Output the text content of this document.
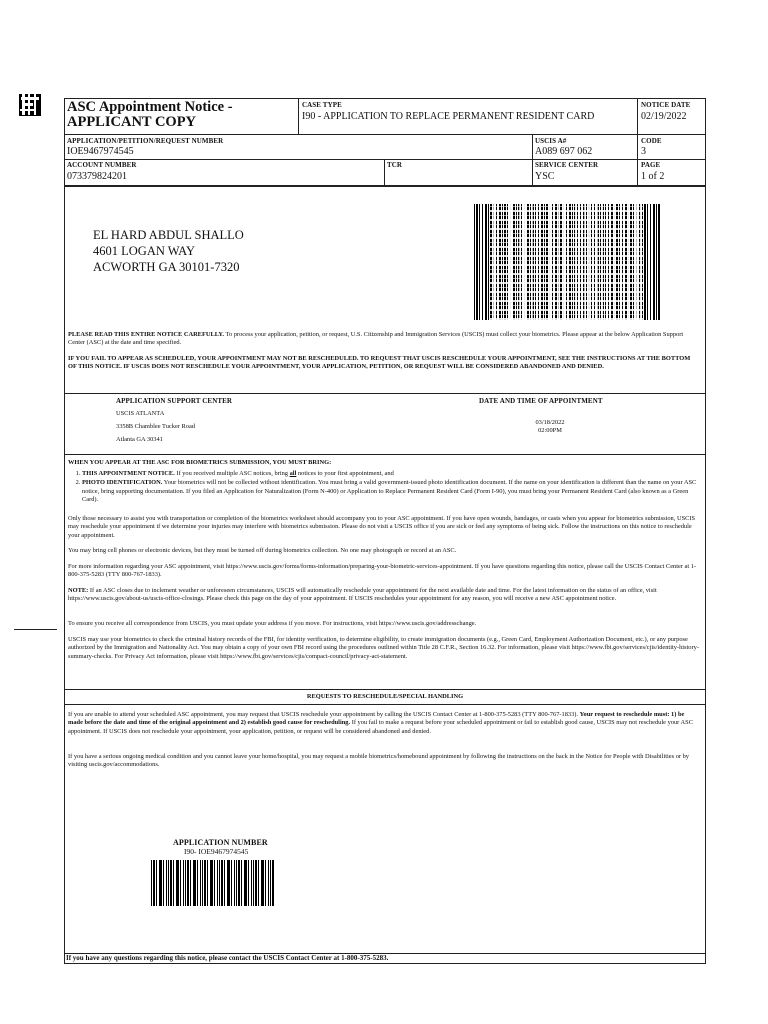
ASC Appointment Notice -
APPLICANT COPY
CASE TYPE
I90 - APPLICATION TO REPLACE PERMANENT RESIDENT CARD
NOTICE DATE
02/19/2022
APPLICATION/PETITION/REQUEST NUMBER
IOE9467974545
USCIS A#
A089 697 062
CODE
3
ACCOUNT NUMBER
073379824201
TCR	SERVICE CENTER
YSC
PAGE
1 of 2
EL HARD ABDUL SHALLO
4601 LOGAN WAY
ACWORTH GA 30101-7320
PLEASE READ THIS ENTIRE NOTICE CAREFULLY. To process your application, petition, or request, U.S. Citizenship and Immigration Services (USCIS) must collect your biometrics. Please appear at the below Application Support Center (ASC) at the date and time specified.
IF YOU FAIL TO APPEAR AS SCHEDULED, YOUR APPOINTMENT MAY NOT BE RESCHEDULED. TO REQUEST THAT USCIS RESCHEDULE YOUR APPOINTMENT, SEE THE INSTRUCTIONS AT THE BOTTOM OF THIS NOTICE. IF USCIS DOES NOT RESCHEDULE YOUR APPOINTMENT, YOUR APPLICATION, PETITION, OR REQUEST WILL BE CONSIDERED ABANDONED AND DENIED.
APPLICATION SUPPORT CENTER
USCIS ATLANTA
3358B Chamblee Tucker Road
Atlanta GA 30341
DATE AND TIME OF APPOINTMENT
03/18/2022
02:00PM
WHEN YOU APPEAR AT THE ASC FOR BIOMETRICS SUBMISSION, YOU MUST BRING:
1. THIS APPOINTMENT NOTICE. If you received multiple ASC notices, bring all notices to your first appointment, and
2. PHOTO IDENTIFICATION. Your biometrics will not be collected without identification. You must bring a valid government-issued photo identification document. If the name on your identification is different than the name on your ASC notice, bring supporting documentation. If you filed an Application for Naturalization (Form N-400) or Application to Replace Permanent Resident Card (Form I-90), you must bring your Permanent Resident Card (also known as a Green Card).
Only those necessary to assist you with transportation or completion of the biometrics worksheet should accompany you to your ASC appointment. If you have open wounds, bandages, or casts when you appear for biometrics submission, USCIS may reschedule your appointment if we determine your injuries may interfere with biometrics submission. Please do not visit a USCIS office if you are sick or feel any symptoms of being sick. Follow the instructions on this notice to reschedule your appointment.
You may bring cell phones or electronic devices, but they must be turned off during biometrics collection. No one may photograph or record at an ASC.
For more information regarding your ASC appointment, visit https://www.uscis.gov/forms/forms-information/preparing-your-biometric-services-appointment. If you have questions regarding this notice, please call the USCIS Contact Center at 1-800-375-5283 (TTY 800-767-1833).
NOTE: If an ASC closes due to inclement weather or unforeseen circumstances, USCIS will automatically reschedule your appointment for the next available date and time. For the latest information on the status of an office, visit https://www.uscis.gov/about-us/uscis-office-closings. Please check this page on the day of your appointment. If USCIS reschedules your appointment for any reason, you will receive a new ASC appointment notice.
To ensure you receive all correspondence from USCIS, you must update your address if you move. For instructions, visit https://www.uscis.gov/addresschange.
USCIS may use your biometrics to check the criminal history records of the FBI, for identity verification, to determine eligibility, to create immigration documents (e.g., Green Card, Employment Authorization Document, etc.), or any purpose authorized by the Immigration and Nationality Act. You may obtain a copy of your own FBI record using the procedures outlined within Title 28 C.F.R., Section 16.32. For information, please visit https://www.fbi.gov/services/cjis/identity-history-summary-checks. For Privacy Act information, please visit https://www.fbi.gov/services/cjis/compact-council/privacy-act-statement.
REQUESTS TO RESCHEDULE/SPECIAL HANDLING
If you are unable to attend your scheduled ASC appointment, you may request that USCIS reschedule your appointment by calling the USCIS Contact Center at 1-800-375-5283 (TTY 800-767-1833). Your request to reschedule must: 1) be made before the date and time of the original appointment and 2) establish good cause for rescheduling. If you fail to make a request before your scheduled appointment or fail to establish good cause, USCIS may not reschedule your ASC appointment. If USCIS does not reschedule your appointment, your application, petition, or request will be considered abandoned and denied.
If you have a serious ongoing medical condition and you cannot leave your home/hospital, you may request a mobile biometrics/homebound appointment by following the instructions on the back in the Notice for People with Disabilities or by visiting uscis.gov/accommodations.
APPLICATION NUMBER
I90- IOE9467974545
If you have any questions regarding this notice, please contact the USCIS Contact Center at 1-800-375-5283.
